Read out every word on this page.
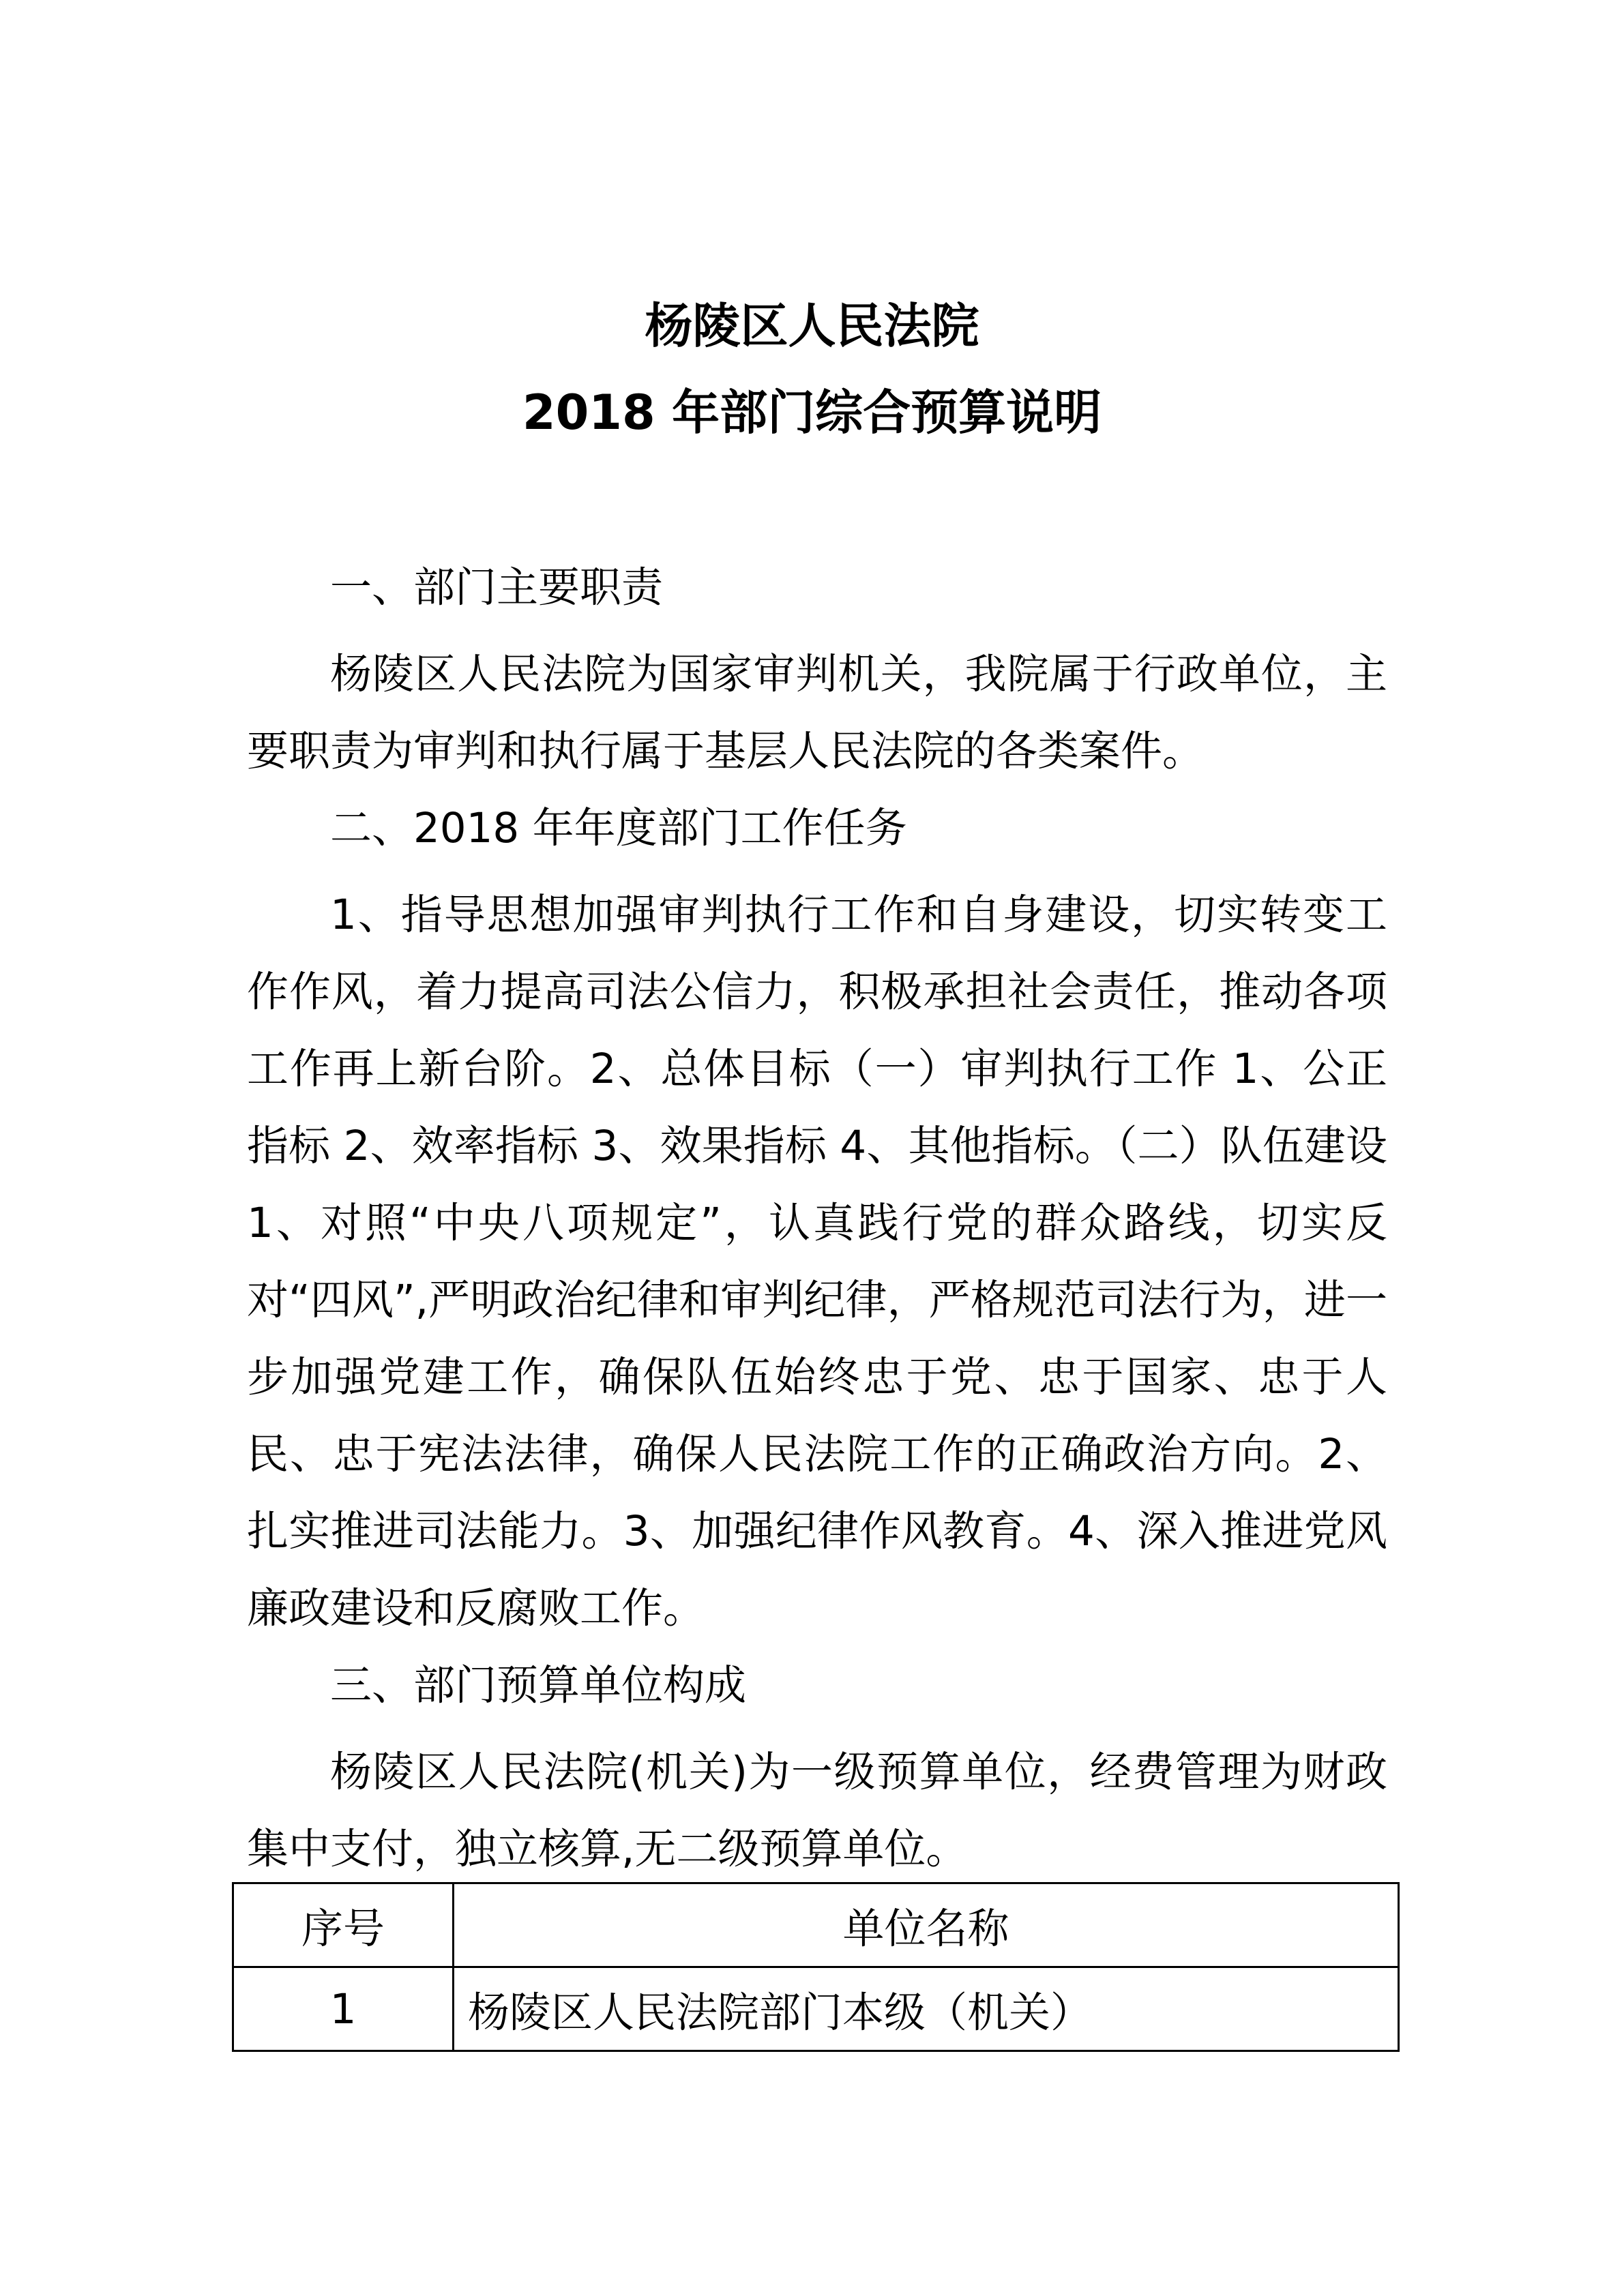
杨陵区人民法院
2018 年部门综合预算说明

一、部门主要职责

杨陵区人民法院为国家审判机关，我院属于行政单位，主要职责为审判和执行属于基层人民法院的各类案件。

二、2018 年年度部门工作任务

1、指导思想加强审判执行工作和自身建设，切实转变工作作风，着力提高司法公信力，积极承担社会责任，推动各项工作再上新台阶。2、总体目标（一）审判执行工作 1、公正指标 2、效率指标 3、效果指标 4、其他指标。（二）队伍建设 1、对照“中央八项规定”，认真践行党的群众路线，切实反对“四风”,严明政治纪律和审判纪律，严格规范司法行为，进一步加强党建工作，确保队伍始终忠于党、忠于国家、忠于人民、忠于宪法法律，确保人民法院工作的正确政治方向。2、扎实推进司法能力。3、加强纪律作风教育。4、深入推进党风廉政建设和反腐败工作。

三、部门预算单位构成

杨陵区人民法院(机关)为一级预算单位，经费管理为财政集中支付，独立核算,无二级预算单位。

序号	单位名称
1	杨陵区人民法院部门本级（机关）
